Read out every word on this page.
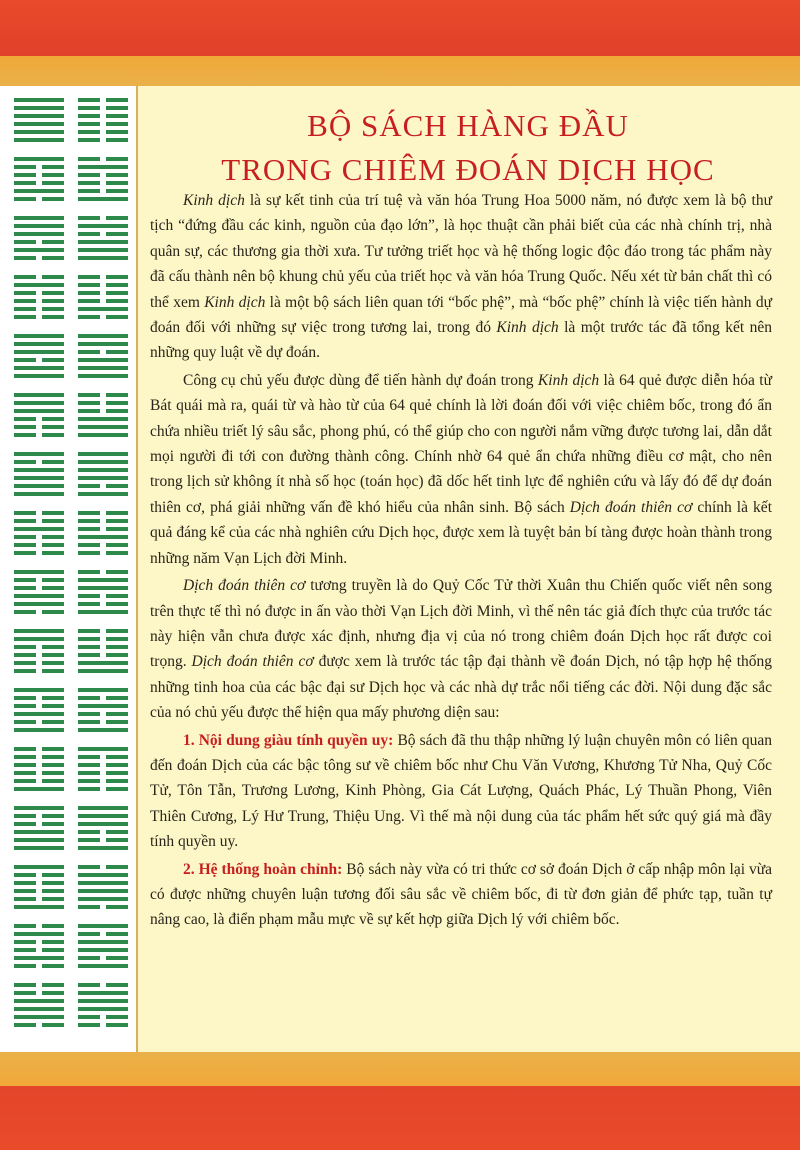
BỘ SÁCH HÀNG ĐẦU
TRONG CHIÊM ĐOÁN DỊCH HỌC

Kinh dịch là sự kết tinh của trí tuệ và văn hóa Trung Hoa 5000 năm, nó được xem là bộ thư tịch “đứng đầu các kinh, nguồn của đạo lớn”, là học thuật cần phải biết của các nhà chính trị, nhà quân sự, các thương gia thời xưa. Tư tưởng triết học và hệ thống logic độc đáo trong tác phẩm này đã cấu thành nên bộ khung chủ yếu của triết học và văn hóa Trung Quốc. Nếu xét từ bản chất thì có thể xem Kinh dịch là một bộ sách liên quan tới “bốc phệ”, mà “bốc phệ” chính là việc tiến hành dự đoán đối với những sự việc trong tương lai, trong đó Kinh dịch là một trước tác đã tổng kết nên những quy luật về dự đoán.

Công cụ chủ yếu được dùng để tiến hành dự đoán trong Kinh dịch là 64 quẻ được diễn hóa từ Bát quái mà ra, quái từ và hào từ của 64 quẻ chính là lời đoán đối với việc chiêm bốc, trong đó ẩn chứa nhiều triết lý sâu sắc, phong phú, có thể giúp cho con người nắm vững được tương lai, dẫn dắt mọi người đi tới con đường thành công. Chính nhờ 64 quẻ ẩn chứa những điều cơ mật, cho nên trong lịch sử không ít nhà số học (toán học) đã dốc hết tinh lực để nghiên cứu và lấy đó để dự đoán thiên cơ, phá giải những vấn đề khó hiểu của nhân sinh. Bộ sách Dịch đoán thiên cơ chính là kết quả đáng kể của các nhà nghiên cứu Dịch học, được xem là tuyệt bản bí tàng được hoàn thành trong những năm Vạn Lịch đời Minh.

Dịch đoán thiên cơ tương truyền là do Quỷ Cốc Tử thời Xuân thu Chiến quốc viết nên song trên thực tế thì nó được in ấn vào thời Vạn Lịch đời Minh, vì thế nên tác giả đích thực của trước tác này hiện vẫn chưa được xác định, nhưng địa vị của nó trong chiêm đoán Dịch học rất được coi trọng. Dịch đoán thiên cơ được xem là trước tác tập đại thành về đoán Dịch, nó tập hợp hệ thống những tinh hoa của các bậc đại sư Dịch học và các nhà dự trắc nổi tiếng các đời. Nội dung đặc sắc của nó chủ yếu được thể hiện qua mấy phương diện sau:

1. Nội dung giàu tính quyền uy: Bộ sách đã thu thập những lý luận chuyên môn có liên quan đến đoán Dịch của các bậc tông sư về chiêm bốc như Chu Văn Vương, Khương Tử Nha, Quỷ Cốc Tử, Tôn Tẫn, Trương Lương, Kinh Phòng, Gia Cát Lượng, Quách Phác, Lý Thuần Phong, Viên Thiên Cương, Lý Hư Trung, Thiệu Ung. Vì thế mà nội dung của tác phẩm hết sức quý giá mà đầy tính quyền uy.

2. Hệ thống hoàn chỉnh: Bộ sách này vừa có tri thức cơ sở đoán Dịch ở cấp nhập môn lại vừa có được những chuyên luận tương đối sâu sắc về chiêm bốc, đi từ đơn giản để phức tạp, tuần tự nâng cao, là điển phạm mẫu mực về sự kết hợp giữa Dịch lý với chiêm bốc.
